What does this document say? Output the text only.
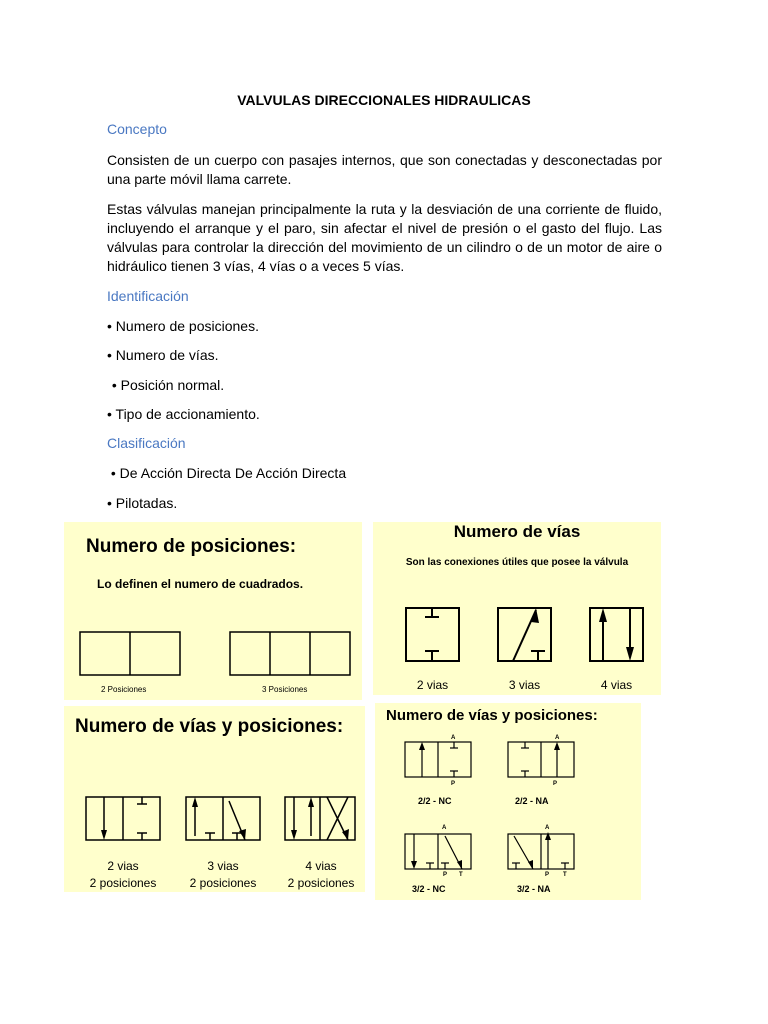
VALVULAS DIRECCIONALES HIDRAULICAS
Concepto
Consisten de un cuerpo con pasajes internos, que son conectadas y desconectadas por una parte móvil llama carrete.
Estas válvulas manejan principalmente la ruta y la desviación de una corriente de fluido, incluyendo el arranque y el paro, sin afectar el nivel de presión o el gasto del flujo. Las válvulas para controlar la dirección del movimiento de un cilindro o de un motor de aire o hidráulico tienen 3 vías, 4 vías o a veces 5 vías.
Identificación
• Numero de posiciones.
• Numero de vías.
• Posición normal.
• Tipo de accionamiento.
Clasificación
• De Acción Directa De Acción Directa
• Pilotadas.
Numero de posiciones:
Lo definen el numero de cuadrados.
2 Posiciones	3 Posiciones
Numero de vías
Son las conexiones útiles que posee la válvula
2 vias	3 vias	4 vias
Numero de vías y posiciones:
2 vias
2 posiciones
3 vias
2 posiciones
4 vias
2 posiciones
Numero de vías y posiciones:
A
P
A
P
A
P T
A
P T
2/2 - NC	2/2 - NA
3/2 - NC	3/2 - NA
